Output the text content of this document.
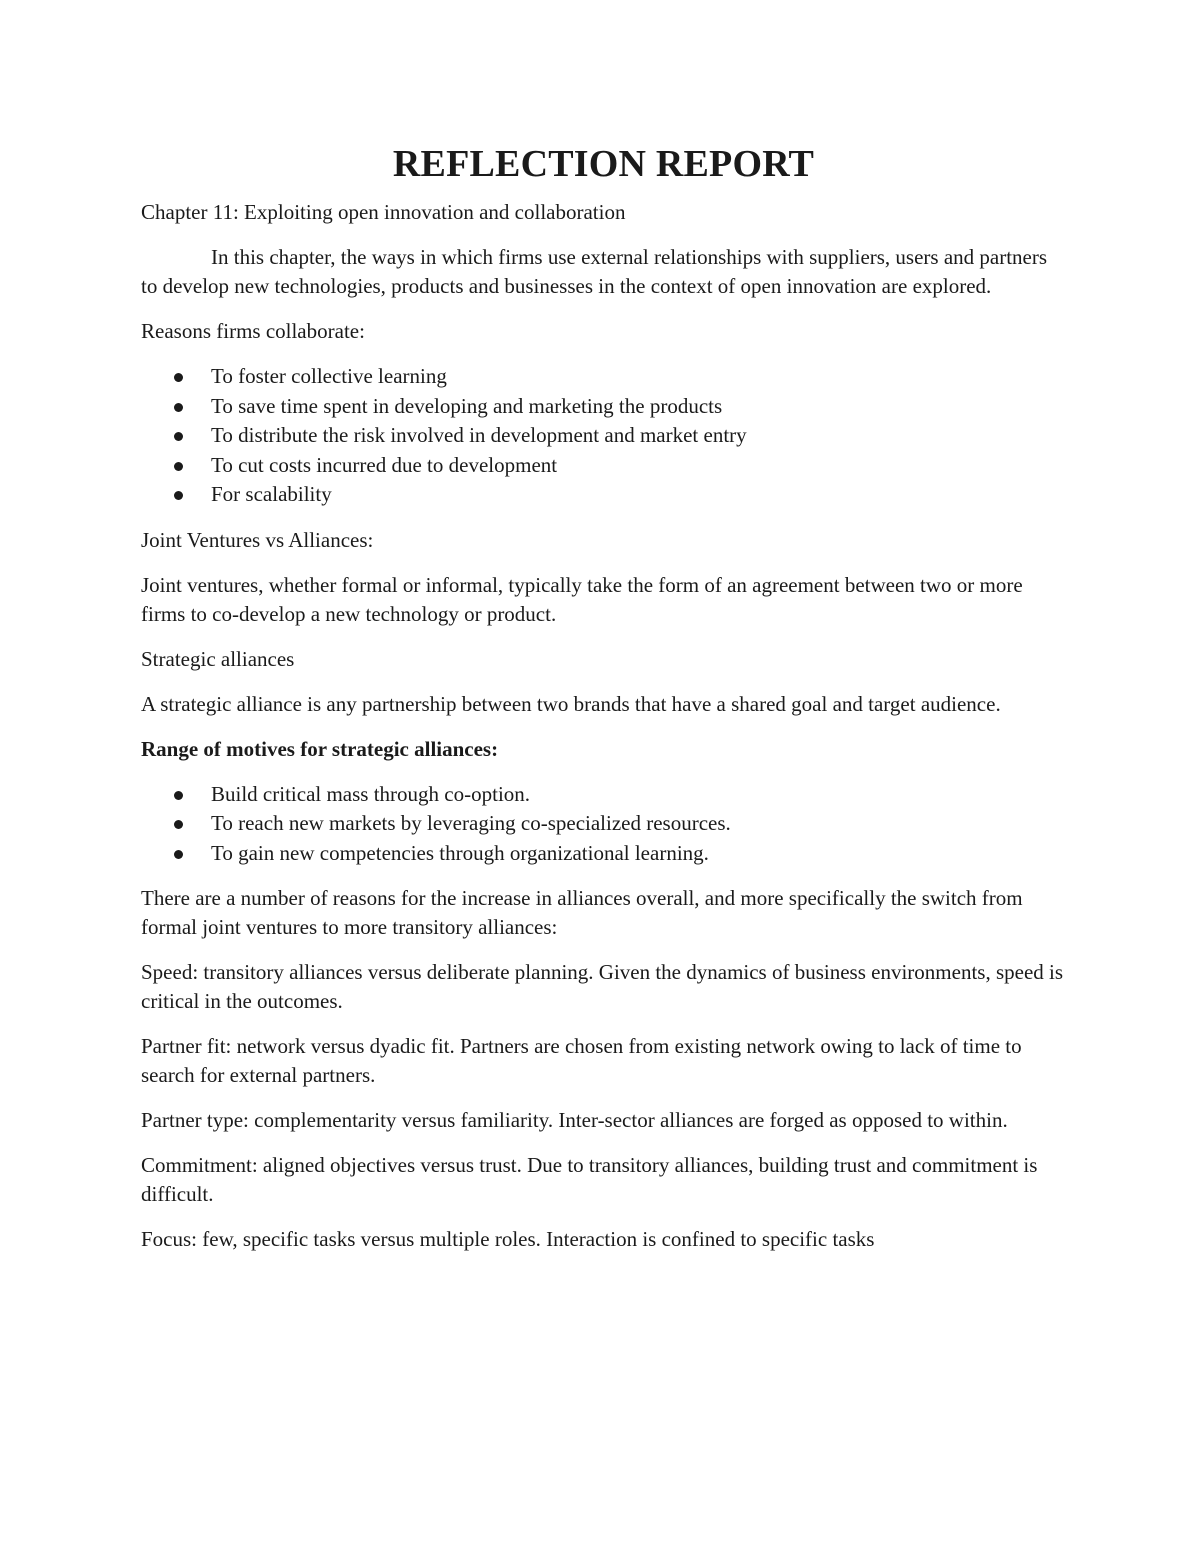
REFLECTION REPORT

Chapter 11: Exploiting open innovation and collaboration

In this chapter, the ways in which firms use external relationships with suppliers, users and partners to develop new technologies, products and businesses in the context of open innovation are explored.

Reasons firms collaborate:

To foster collective learning
To save time spent in developing and marketing the products
To distribute the risk involved in development and market entry
To cut costs incurred due to development
For scalability

Joint Ventures vs Alliances:

Joint ventures, whether formal or informal, typically take the form of an agreement between two or more firms to co-develop a new technology or product.

Strategic alliances

A strategic alliance is any partnership between two brands that have a shared goal and target audience.

Range of motives for strategic alliances:

Build critical mass through co-option.
To reach new markets by leveraging co-specialized resources.
To gain new competencies through organizational learning.

There are a number of reasons for the increase in alliances overall, and more specifically the switch from formal joint ventures to more transitory alliances:

Speed: transitory alliances versus deliberate planning. Given the dynamics of business environments, speed is critical in the outcomes.

Partner fit: network versus dyadic fit. Partners are chosen from existing network owing to lack of time to search for external partners.

Partner type: complementarity versus familiarity. Inter-sector alliances are forged as opposed to within.

Commitment: aligned objectives versus trust. Due to transitory alliances, building trust and commitment is difficult.

Focus: few, specific tasks versus multiple roles. Interaction is confined to specific tasks
